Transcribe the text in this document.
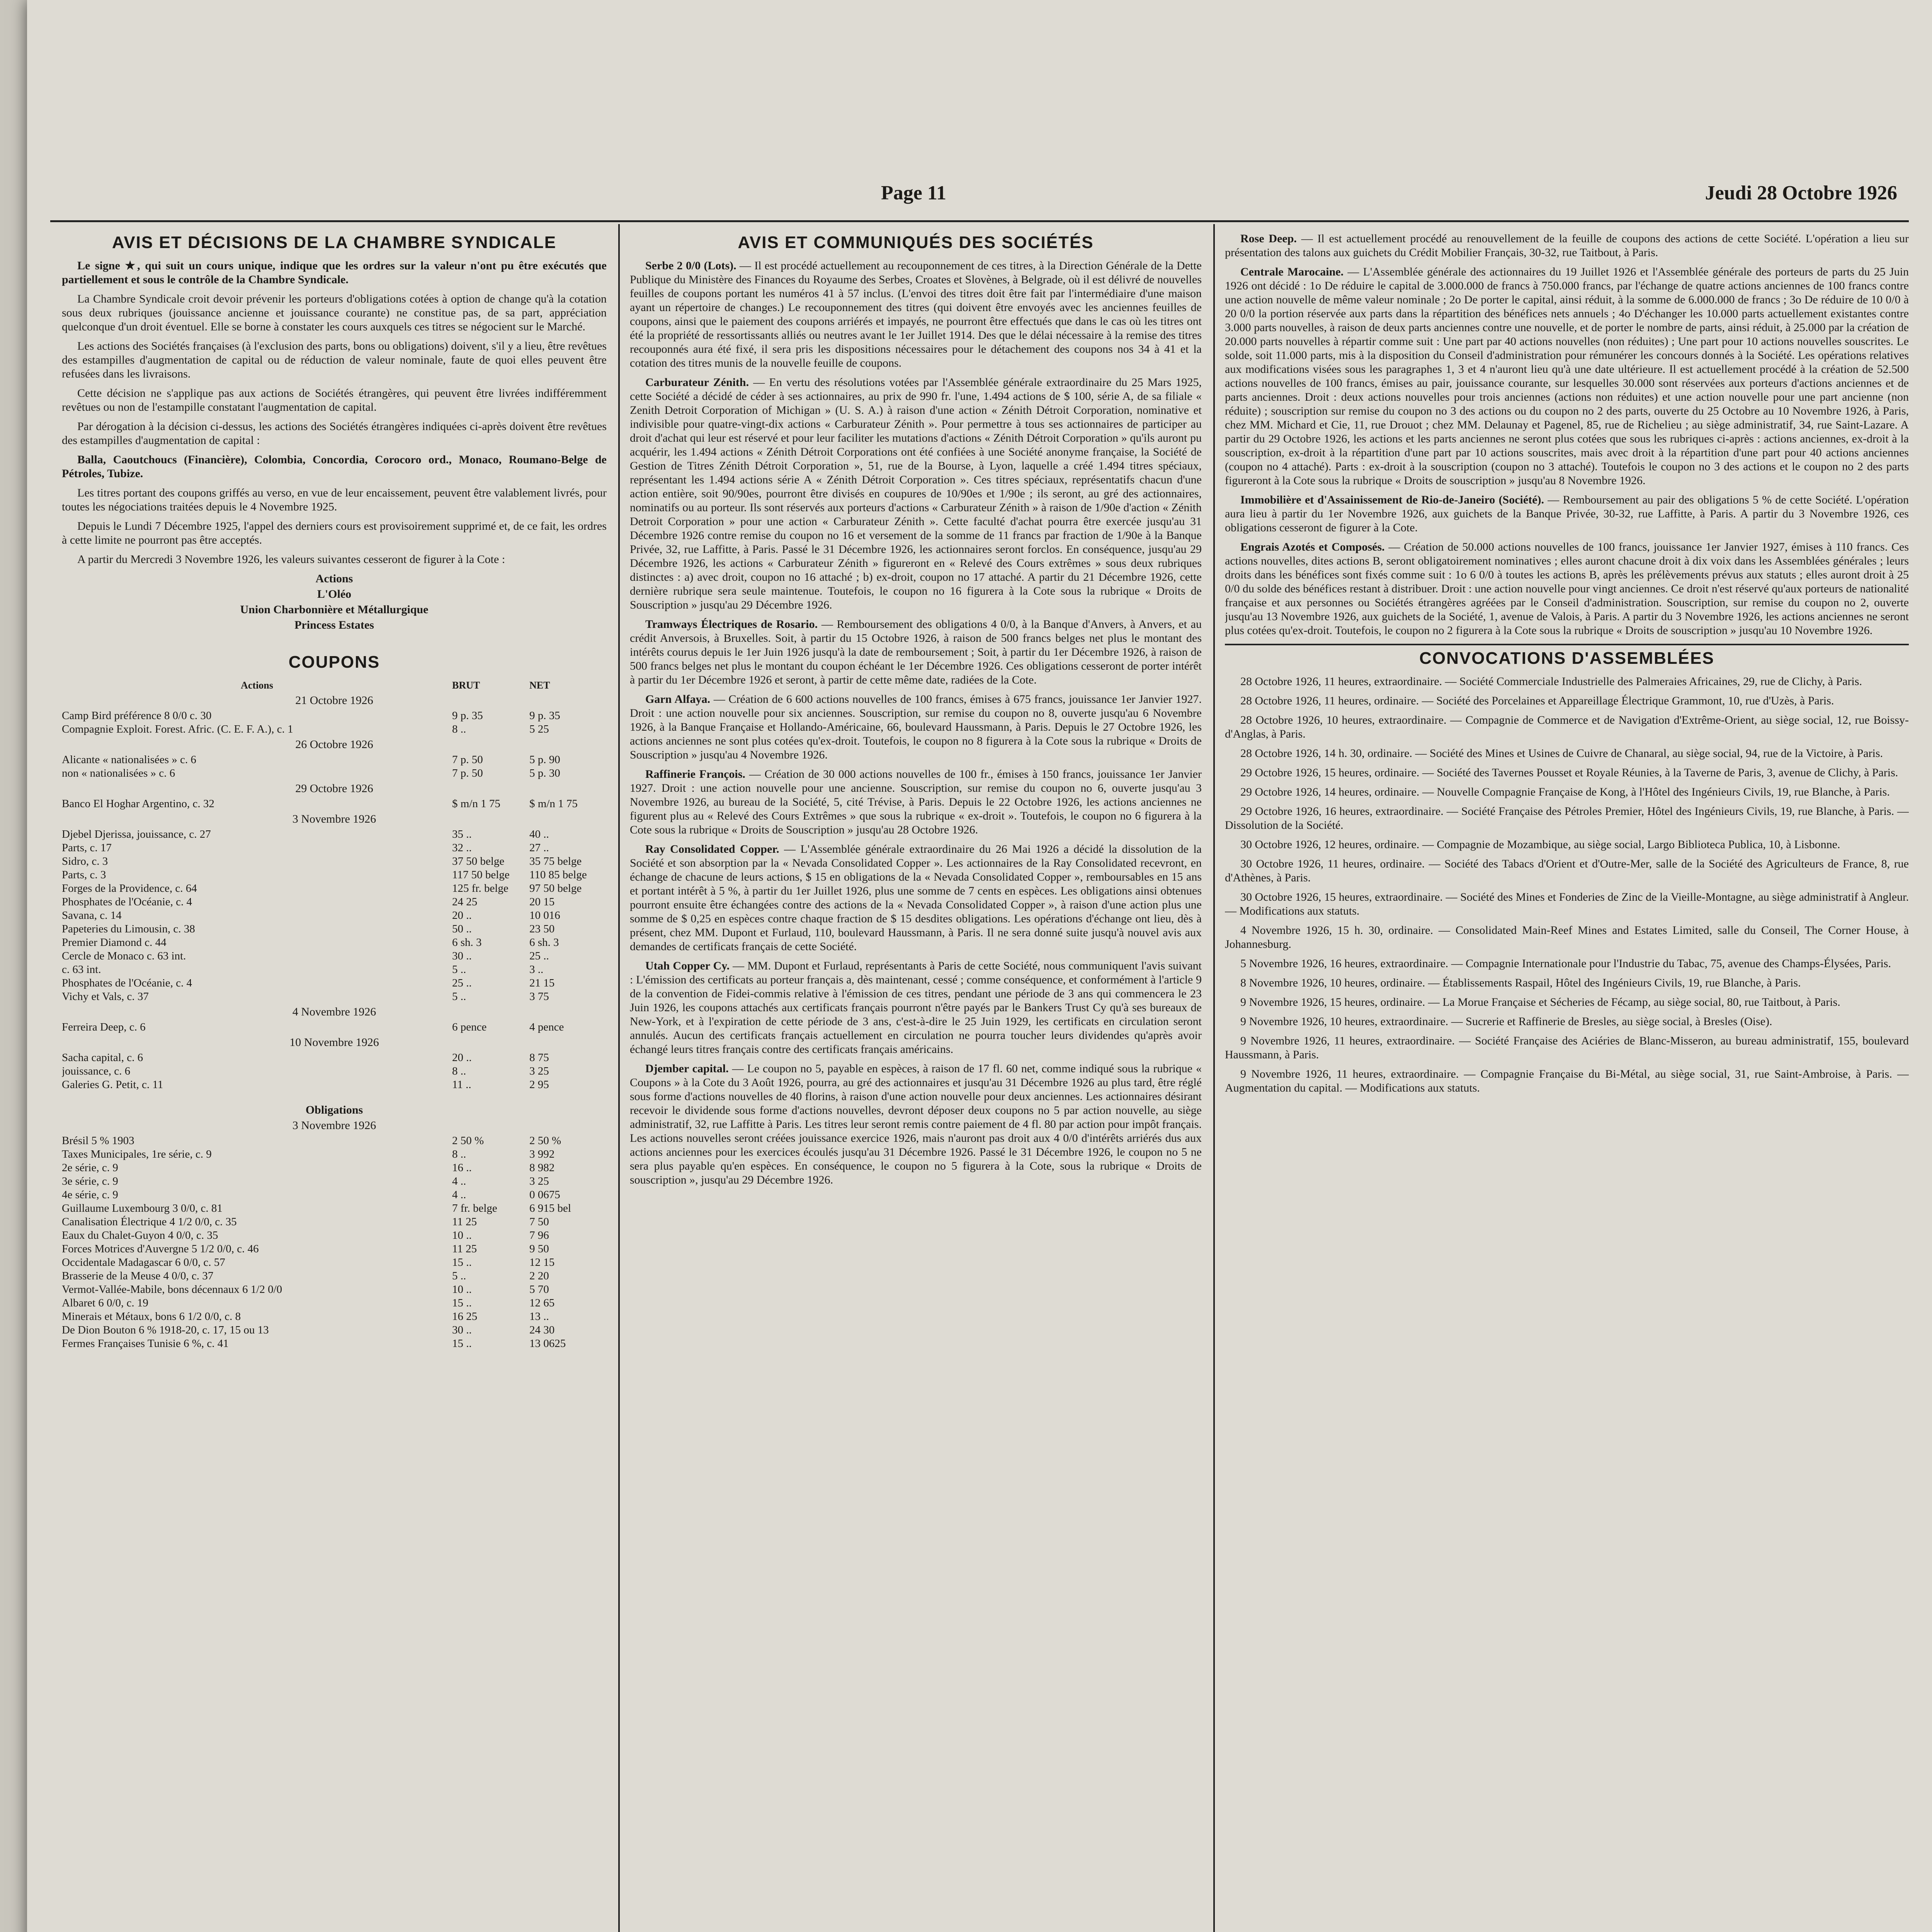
Page 11	Jeudi 28 Octobre 1926
AVIS ET DÉCISIONS DE LA CHAMBRE SYNDICALE

Le signe ★, qui suit un cours unique, indique que les ordres sur la valeur n'ont pu être exécutés que partiellement et sous le contrôle de la Chambre Syndicale.

La Chambre Syndicale croit devoir prévenir les porteurs d'obligations cotées à option de change qu'à la cotation sous deux rubriques (jouissance ancienne et jouissance courante) ne constitue pas, de sa part, appréciation quelconque d'un droit éventuel. Elle se borne à constater les cours auxquels ces titres se négocient sur le Marché.

Les actions des Sociétés françaises (à l'exclusion des parts, bons ou obligations) doivent, s'il y a lieu, être revêtues des estampilles d'augmentation de capital ou de réduction de valeur nominale, faute de quoi elles peuvent être refusées dans les livraisons.

Cette décision ne s'applique pas aux actions de Sociétés étrangères, qui peuvent être livrées indifféremment revêtues ou non de l'estampille constatant l'augmentation de capital.

Par dérogation à la décision ci-dessus, les actions des Sociétés étrangères indiquées ci-après doivent être revêtues des estampilles d'augmentation de capital :

Balla, Caoutchoucs (Financière), Colombia, Concordia, Corocoro ord., Monaco, Roumano-Belge de Pétroles, Tubize.

Les titres portant des coupons griffés au verso, en vue de leur encaissement, peuvent être valablement livrés, pour toutes les négociations traitées depuis le 4 Novembre 1925.

Depuis le Lundi 7 Décembre 1925, l'appel des derniers cours est provisoirement supprimé et, de ce fait, les ordres à cette limite ne pourront pas être acceptés.

A partir du Mercredi 3 Novembre 1926, les valeurs suivantes cesseront de figurer à la Cote :

Actions
L'Oléo
Union Charbonnière et Métallurgique
Princess Estates
COUPONS
Actions	BRUT	NET
21 Octobre 1926
Camp Bird préférence 8 0/0 c. 30	9 p. 35	9 p. 35
Compagnie Exploit. Forest. Afric. (C. E. F. A.), c. 1	8 ..	5 25
26 Octobre 1926
Alicante « nationalisées » c. 6	7 p. 50	5 p. 90
non « nationalisées » c. 6	7 p. 50	5 p. 30
29 Octobre 1926
Banco El Hoghar Argentino, c. 32	$ m/n 1 75	$ m/n 1 75
3 Novembre 1926
Djebel Djerissa, jouissance, c. 27	35 ..	40 ..
Parts, c. 17	32 ..	27 ..
Sidro, c. 3	37 50 belge	35 75 belge
Parts, c. 3	117 50 belge	110 85 belge
Forges de la Providence, c. 64	125 fr. belge	97 50 belge
Phosphates de l'Océanie, c. 4	24 25	20 15
Savana, c. 14	20 ..	10 016
Papeteries du Limousin, c. 38	50 ..	23 50
Premier Diamond c. 44	6 sh. 3	6 sh. 3
Cercle de Monaco c. 63 int.	30 ..	25 ..
c. 63 int.	5 ..	3 ..
Phosphates de l'Océanie, c. 4	25 ..	21 15
Vichy et Vals, c. 37	5 ..	3 75
4 Novembre 1926
Ferreira Deep, c. 6	6 pence	4 pence
10 Novembre 1926
Sacha capital, c. 6	20 ..	8 75
jouissance, c. 6	8 ..	3 25
Galeries G. Petit, c. 11	11 ..	2 95
Obligations
3 Novembre 1926
Brésil 5 % 1903	2 50 %	2 50 %
Taxes Municipales, 1re série, c. 9	8 ..	3 992
2e série, c. 9	16 ..	8 982
3e série, c. 9	4 ..	3 25
4e série, c. 9	4 ..	0 0675
Guillaume Luxembourg 3 0/0, c. 81	7 fr. belge	6 915 bel
Canalisation Électrique 4 1/2 0/0, c. 35	11 25	7 50
Eaux du Chalet-Guyon 4 0/0, c. 35	10 ..	7 96
Forces Motrices d'Auvergne 5 1/2 0/0, c. 46	11 25	9 50
Occidentale Madagascar 6 0/0, c. 57	15 ..	12 15
Brasserie de la Meuse 4 0/0, c. 37	5 ..	2 20
Vermot-Vallée-Mabile, bons décennaux 6 1/2 0/0	10 ..	5 70
Albaret 6 0/0, c. 19	15 ..	12 65
Minerais et Métaux, bons 6 1/2 0/0, c. 8	16 25	13 ..
De Dion Bouton 6 % 1918-20, c. 17, 15 ou 13	30 ..	24 30
Fermes Françaises Tunisie 6 %, c. 41	15 ..	13 0625
AVIS ET COMMUNIQUÉS DES SOCIÉTÉS

Serbe 2 0/0 (Lots). — Il est procédé actuellement au recouponnement de ces titres, à la Direction Générale de la Dette Publique du Ministère des Finances du Royaume des Serbes, Croates et Slovènes, à Belgrade, où il est délivré de nouvelles feuilles de coupons portant les numéros 41 à 57 inclus. (L'envoi des titres doit être fait par l'intermédiaire d'une maison ayant un répertoire de changes.) Le recouponnement des titres (qui doivent être envoyés avec les anciennes feuilles de coupons, ainsi que le paiement des coupons arriérés et impayés, ne pourront être effectués que dans le cas où les titres ont été la propriété de ressortissants alliés ou neutres avant le 1er Juillet 1914. Des que le délai nécessaire à la remise des titres recouponnés aura été fixé, il sera pris les dispositions nécessaires pour le détachement des coupons nos 34 à 41 et la cotation des titres munis de la nouvelle feuille de coupons.

Carburateur Zénith. — En vertu des résolutions votées par l'Assemblée générale extraordinaire du 25 Mars 1925, cette Société a décidé de céder à ses actionnaires, au prix de 990 fr. l'une, 1.494 actions de $ 100, série A, de sa filiale « Zenith Detroit Corporation of Michigan » (U. S. A.) à raison d'une action « Zénith Détroit Corporation, nominative et indivisible pour quatre-vingt-dix actions « Carburateur Zénith ». Pour permettre à tous ses actionnaires de participer au droit d'achat qui leur est réservé et pour leur faciliter les mutations d'actions « Zénith Détroit Corporation » qu'ils auront pu acquérir, les 1.494 actions « Zénith Détroit Corporations ont été confiées à une Société anonyme française, la Société de Gestion de Titres Zénith Détroit Corporation », 51, rue de la Bourse, à Lyon, laquelle a créé 1.494 titres spéciaux, représentant les 1.494 actions série A « Zénith Détroit Corporation ». Ces titres spéciaux, représentatifs chacun d'une action entière, soit 90/90es, pourront être divisés en coupures de 10/90es et 1/90e ; ils seront, au gré des actionnaires, nominatifs ou au porteur. Ils sont réservés aux porteurs d'actions « Carburateur Zénith » à raison de 1/90e d'action « Zénith Detroit Corporation » pour une action « Carburateur Zénith ». Cette faculté d'achat pourra être exercée jusqu'au 31 Décembre 1926 contre remise du coupon no 16 et versement de la somme de 11 francs par fraction de 1/90e à la Banque Privée, 32, rue Laffitte, à Paris. Passé le 31 Décembre 1926, les actionnaires seront forclos. En conséquence, jusqu'au 29 Décembre 1926, les actions « Carburateur Zénith » figureront en « Relevé des Cours extrêmes » sous deux rubriques distinctes : a) avec droit, coupon no 16 attaché ; b) ex-droit, coupon no 17 attaché. A partir du 21 Décembre 1926, cette dernière rubrique sera seule maintenue. Toutefois, le coupon no 16 figurera à la Cote sous la rubrique « Droits de Souscription » jusqu'au 29 Décembre 1926.

Tramways Électriques de Rosario. — Remboursement des obligations 4 0/0, à la Banque d'Anvers, à Anvers, et au crédit Anversois, à Bruxelles. Soit, à partir du 15 Octobre 1926, à raison de 500 francs belges net plus le montant des intérêts courus depuis le 1er Juin 1926 jusqu'à la date de remboursement ; Soit, à partir du 1er Décembre 1926, à raison de 500 francs belges net plus le montant du coupon échéant le 1er Décembre 1926. Ces obligations cesseront de porter intérêt à partir du 1er Décembre 1926 et seront, à partir de cette même date, radiées de la Cote.

Garn Alfaya. — Création de 6 600 actions nouvelles de 100 francs, émises à 675 francs, jouissance 1er Janvier 1927. Droit : une action nouvelle pour six anciennes. Souscription, sur remise du coupon no 8, ouverte jusqu'au 6 Novembre 1926, à la Banque Française et Hollando-Américaine, 66, boulevard Haussmann, à Paris. Depuis le 27 Octobre 1926, les actions anciennes ne sont plus cotées qu'ex-droit. Toutefois, le coupon no 8 figurera à la Cote sous la rubrique « Droits de Souscription » jusqu'au 4 Novembre 1926.

Raffinerie François. — Création de 30 000 actions nouvelles de 100 fr., émises à 150 francs, jouissance 1er Janvier 1927. Droit : une action nouvelle pour une ancienne. Souscription, sur remise du coupon no 6, ouverte jusqu'au 3 Novembre 1926, au bureau de la Société, 5, cité Trévise, à Paris. Depuis le 22 Octobre 1926, les actions anciennes ne figurent plus au « Relevé des Cours Extrêmes » que sous la rubrique « ex-droit ». Toutefois, le coupon no 6 figurera à la Cote sous la rubrique « Droits de Souscription » jusqu'au 28 Octobre 1926.

Ray Consolidated Copper. — L'Assemblée générale extraordinaire du 26 Mai 1926 a décidé la dissolution de la Société et son absorption par la « Nevada Consolidated Copper ». Les actionnaires de la Ray Consolidated recevront, en échange de chacune de leurs actions, $ 15 en obligations de la « Nevada Consolidated Copper », remboursables en 15 ans et portant intérêt à 5 %, à partir du 1er Juillet 1926, plus une somme de 7 cents en espèces. Les obligations ainsi obtenues pourront ensuite être échangées contre des actions de la « Nevada Consolidated Copper », à raison d'une action plus une somme de $ 0,25 en espèces contre chaque fraction de $ 15 desdites obligations. Les opérations d'échange ont lieu, dès à présent, chez MM. Dupont et Furlaud, 110, boulevard Haussmann, à Paris. Il ne sera donné suite jusqu'à nouvel avis aux demandes de certificats français de cette Société.

Utah Copper Cy. — MM. Dupont et Furlaud, représentants à Paris de cette Société, nous communiquent l'avis suivant : L'émission des certificats au porteur français a, dès maintenant, cessé ; comme conséquence, et conformément à l'article 9 de la convention de Fidei-commis relative à l'émission de ces titres, pendant une période de 3 ans qui commencera le 23 Juin 1926, les coupons attachés aux certificats français pourront n'être payés par le Bankers Trust Cy qu'à ses bureaux de New-York, et à l'expiration de cette période de 3 ans, c'est-à-dire le 25 Juin 1929, les certificats en circulation seront annulés. Aucun des certificats français actuellement en circulation ne pourra toucher leurs dividendes qu'après avoir échangé leurs titres français contre des certificats français américains.

Djember capital. — Le coupon no 5, payable en espèces, à raison de 17 fl. 60 net, comme indiqué sous la rubrique « Coupons » à la Cote du 3 Août 1926, pourra, au gré des actionnaires et jusqu'au 31 Décembre 1926 au plus tard, être réglé sous forme d'actions nouvelles de 40 florins, à raison d'une action nouvelle pour deux anciennes. Les actionnaires désirant recevoir le dividende sous forme d'actions nouvelles, devront déposer deux coupons no 5 par action nouvelle, au siège administratif, 32, rue Laffitte à Paris. Les titres leur seront remis contre paiement de 4 fl. 80 par action pour impôt français. Les actions nouvelles seront créées jouissance exercice 1926, mais n'auront pas droit aux 4 0/0 d'intérêts arriérés dus aux actions anciennes pour les exercices écoulés jusqu'au 31 Décembre 1926. Passé le 31 Décembre 1926, le coupon no 5 ne sera plus payable qu'en espèces. En conséquence, le coupon no 5 figurera à la Cote, sous la rubrique « Droits de souscription », jusqu'au 29 Décembre 1926.

Rose Deep. — Il est actuellement procédé au renouvellement de la feuille de coupons des actions de cette Société. L'opération a lieu sur présentation des talons aux guichets du Crédit Mobilier Français, 30-32, rue Taitbout, à Paris.

Centrale Marocaine. — L'Assemblée générale des actionnaires du 19 Juillet 1926 et l'Assemblée générale des porteurs de parts du 25 Juin 1926 ont décidé : 1o De réduire le capital de 3.000.000 de francs à 750.000 francs, par l'échange de quatre actions anciennes de 100 francs contre une action nouvelle de même valeur nominale ; 2o De porter le capital, ainsi réduit, à la somme de 6.000.000 de francs ; 3o De réduire de 10 0/0 à 20 0/0 la portion réservée aux parts dans la répartition des bénéfices nets annuels ; 4o D'échanger les 10.000 parts actuellement existantes contre 3.000 parts nouvelles, à raison de deux parts anciennes contre une nouvelle, et de porter le nombre de parts, ainsi réduit, à 25.000 par la création de 20.000 parts nouvelles à répartir comme suit : Une part par 40 actions nouvelles (non réduites) ; Une part pour 10 actions nouvelles souscrites. Le solde, soit 11.000 parts, mis à la disposition du Conseil d'administration pour rémunérer les concours donnés à la Société. Les opérations relatives aux modifications visées sous les paragraphes 1, 3 et 4 n'auront lieu qu'à une date ultérieure. Il est actuellement procédé à la création de 52.500 actions nouvelles de 100 francs, émises au pair, jouissance courante, sur lesquelles 30.000 sont réservées aux porteurs d'actions anciennes et de parts anciennes. Droit : deux actions nouvelles pour trois anciennes (actions non réduites) et une action nouvelle pour une part ancienne (non réduite) ; souscription sur remise du coupon no 3 des actions ou du coupon no 2 des parts, ouverte du 25 Octobre au 10 Novembre 1926, à Paris, chez MM. Michard et Cie, 11, rue Drouot ; chez MM. Delaunay et Pagenel, 85, rue de Richelieu ; au siège administratif, 34, rue Saint-Lazare. A partir du 29 Octobre 1926, les actions et les parts anciennes ne seront plus cotées que sous les rubriques ci-après : actions anciennes, ex-droit à la souscription, ex-droit à la répartition d'une part par 10 actions souscrites, mais avec droit à la répartition d'une part pour 40 actions anciennes (coupon no 4 attaché). Parts : ex-droit à la souscription (coupon no 3 attaché). Toutefois le coupon no 3 des actions et le coupon no 2 des parts figureront à la Cote sous la rubrique « Droits de souscription » jusqu'au 8 Novembre 1926.

Immobilière et d'Assainissement de Rio-de-Janeiro (Société). — Remboursement au pair des obligations 5 % de cette Société. L'opération aura lieu à partir du 1er Novembre 1926, aux guichets de la Banque Privée, 30-32, rue Laffitte, à Paris. A partir du 3 Novembre 1926, ces obligations cesseront de figurer à la Cote.

Engrais Azotés et Composés. — Création de 50.000 actions nouvelles de 100 francs, jouissance 1er Janvier 1927, émises à 110 francs. Ces actions nouvelles, dites actions B, seront obligatoirement nominatives ; elles auront chacune droit à dix voix dans les Assemblées générales ; leurs droits dans les bénéfices sont fixés comme suit : 1o 6 0/0 à toutes les actions B, après les prélèvements prévus aux statuts ; elles auront droit à 25 0/0 du solde des bénéfices restant à distribuer. Droit : une action nouvelle pour vingt anciennes. Ce droit n'est réservé qu'aux porteurs de nationalité française et aux personnes ou Sociétés étrangères agréées par le Conseil d'administration. Souscription, sur remise du coupon no 2, ouverte jusqu'au 13 Novembre 1926, aux guichets de la Société, 1, avenue de Valois, à Paris. A partir du 3 Novembre 1926, les actions anciennes ne seront plus cotées qu'ex-droit. Toutefois, le coupon no 2 figurera à la Cote sous la rubrique « Droits de souscription » jusqu'au 10 Novembre 1926.

CONVOCATIONS D'ASSEMBLÉES

28 Octobre 1926, 11 heures, extraordinaire. — Société Commerciale Industrielle des Palmeraies Africaines, 29, rue de Clichy, à Paris.

28 Octobre 1926, 11 heures, ordinaire. — Société des Porcelaines et Appareillage Électrique Grammont, 10, rue d'Uzès, à Paris.

28 Octobre 1926, 10 heures, extraordinaire. — Compagnie de Commerce et de Navigation d'Extrême-Orient, au siège social, 12, rue Boissy-d'Anglas, à Paris.

28 Octobre 1926, 14 h. 30, ordinaire. — Société des Mines et Usines de Cuivre de Chanaral, au siège social, 94, rue de la Victoire, à Paris.

29 Octobre 1926, 15 heures, ordinaire. — Société des Tavernes Pousset et Royale Réunies, à la Taverne de Paris, 3, avenue de Clichy, à Paris.

29 Octobre 1926, 14 heures, ordinaire. — Nouvelle Compagnie Française de Kong, à l'Hôtel des Ingénieurs Civils, 19, rue Blanche, à Paris.

29 Octobre 1926, 16 heures, extraordinaire. — Société Française des Pétroles Premier, Hôtel des Ingénieurs Civils, 19, rue Blanche, à Paris. — Dissolution de la Société.

30 Octobre 1926, 12 heures, ordinaire. — Compagnie de Mozambique, au siège social, Largo Biblioteca Publica, 10, à Lisbonne.

30 Octobre 1926, 11 heures, ordinaire. — Société des Tabacs d'Orient et d'Outre-Mer, salle de la Société des Agriculteurs de France, 8, rue d'Athènes, à Paris.

30 Octobre 1926, 15 heures, extraordinaire. — Société des Mines et Fonderies de Zinc de la Vieille-Montagne, au siège administratif à Angleur. — Modifications aux statuts.

4 Novembre 1926, 15 h. 30, ordinaire. — Consolidated Main-Reef Mines and Estates Limited, salle du Conseil, The Corner House, à Johannesburg.

5 Novembre 1926, 16 heures, extraordinaire. — Compagnie Internationale pour l'Industrie du Tabac, 75, avenue des Champs-Élysées, Paris.

8 Novembre 1926, 10 heures, ordinaire. — Établissements Raspail, Hôtel des Ingénieurs Civils, 19, rue Blanche, à Paris.

9 Novembre 1926, 15 heures, ordinaire. — La Morue Française et Sécheries de Fécamp, au siège social, 80, rue Taitbout, à Paris.

9 Novembre 1926, 10 heures, extraordinaire. — Sucrerie et Raffinerie de Bresles, au siège social, à Bresles (Oise).

9 Novembre 1926, 11 heures, extraordinaire. — Société Française des Aciéries de Blanc-Misseron, au bureau administratif, 155, boulevard Haussmann, à Paris.

9 Novembre 1926, 11 heures, extraordinaire. — Compagnie Française du Bi-Métal, au siège social, 31, rue Saint-Ambroise, à Paris. — Augmentation du capital. — Modifications aux statuts.
